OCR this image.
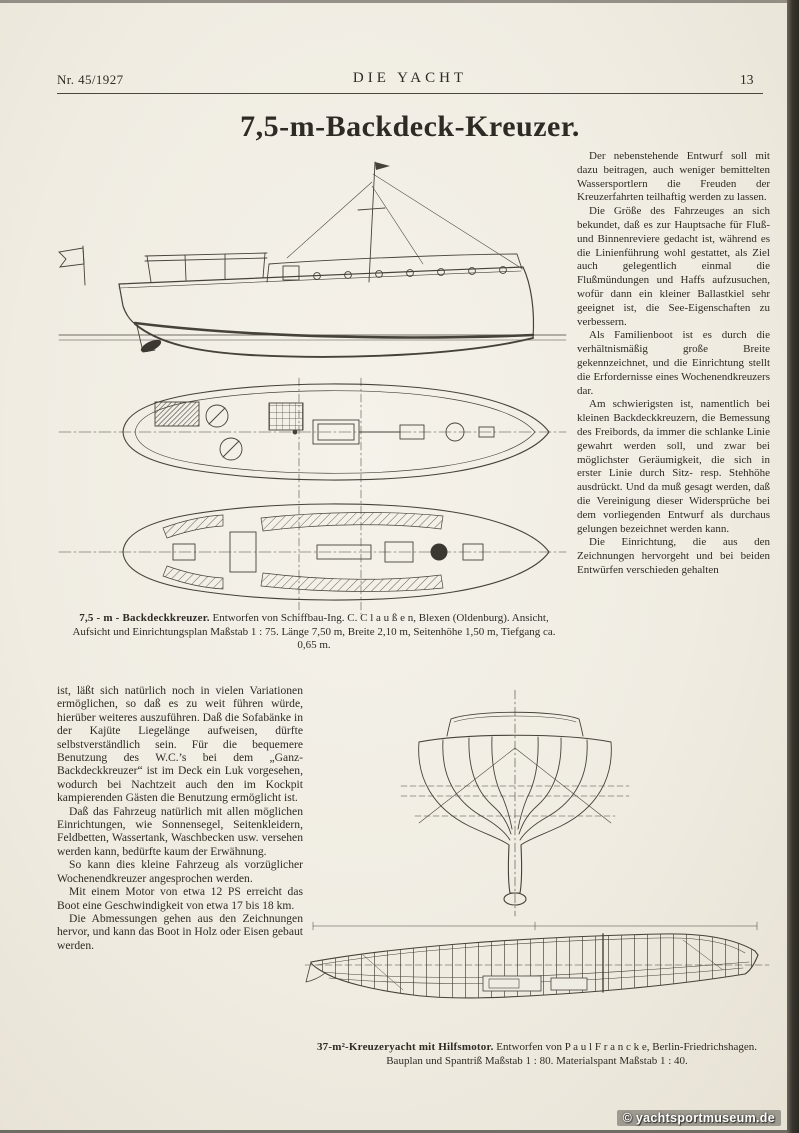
Nr. 45/1927	DIE YACHT	13
7,5-m-Backdeck-Kreuzer.

Der nebenstehende Entwurf soll mit dazu beitragen, auch weniger bemittelten Wassersportlern die Freuden der Kreuzerfahrten teilhaftig werden zu lassen.

Die Größe des Fahrzeuges an sich bekundet, daß es zur Hauptsache für Fluß- und Binnenreviere gedacht ist, während es die Linienführung wohl gestattet, als Ziel auch gelegentlich einmal die Flußmündungen und Haffs aufzusuchen, wofür dann ein kleiner Ballastkiel sehr geeignet ist, die See-Eigenschaften zu verbessern.

Als Familienboot ist es durch die verhältnismäßig große Breite gekennzeichnet, und die Einrichtung stellt die Erfordernisse eines Wochenendkreuzers dar.

Am schwierigsten ist, namentlich bei kleinen Backdeckkreuzern, die Bemessung des Freibords, da immer die schlanke Linie gewahrt werden soll, und zwar bei möglichster Geräumigkeit, die sich in erster Linie durch Sitz- resp. Stehhöhe ausdrückt. Und da muß gesagt werden, daß die Vereinigung dieser Widersprüche bei dem vorliegenden Entwurf als durchaus gelungen bezeichnet werden kann.

Die Einrichtung, die aus den Zeichnungen hervorgeht und bei beiden Entwürfen verschieden gehalten

7,5 - m - Backdeckkreuzer. Entworfen von Schiffbau-Ing. C. C l a u ß e n, Blexen (Oldenburg). Ansicht, Aufsicht und Einrichtungsplan Maßstab 1 : 75. Länge 7,50 m, Breite 2,10 m, Seitenhöhe 1,50 m, Tiefgang ca. 0,65 m.

ist, läßt sich natürlich noch in vielen Variationen ermöglichen, so daß es zu weit führen würde, hierüber weiteres auszuführen. Daß die Sofabänke in der Kajüte Liegelänge aufweisen, dürfte selbstverständlich sein. Für die bequemere Benutzung des W.C.’s bei dem „Ganz-Backdeckkreuzer“ ist im Deck ein Luk vorgesehen, wodurch bei Nachtzeit auch den im Kockpit kampierenden Gästen die Benutzung ermöglicht ist.

Daß das Fahrzeug natürlich mit allen möglichen Einrichtungen, wie Sonnensegel, Seitenkleidern, Feldbetten, Wassertank, Waschbecken usw. versehen werden kann, bedürfte kaum der Erwähnung.

So kann dies kleine Fahrzeug als vorzüglicher Wochenendkreuzer angesprochen werden.

Mit einem Motor von etwa 12 PS erreicht das Boot eine Geschwindigkeit von etwa 17 bis 18 km.

Die Abmessungen gehen aus den Zeichnungen hervor, und kann das Boot in Holz oder Eisen gebaut werden.

37-m²-Kreuzeryacht mit Hilfsmotor. Entworfen von P a u l F r a n c k e, Berlin-Friedrichshagen. Bauplan und Spantriß Maßstab 1 : 80. Materialspant Maßstab 1 : 40.
© yachtsportmuseum.de
